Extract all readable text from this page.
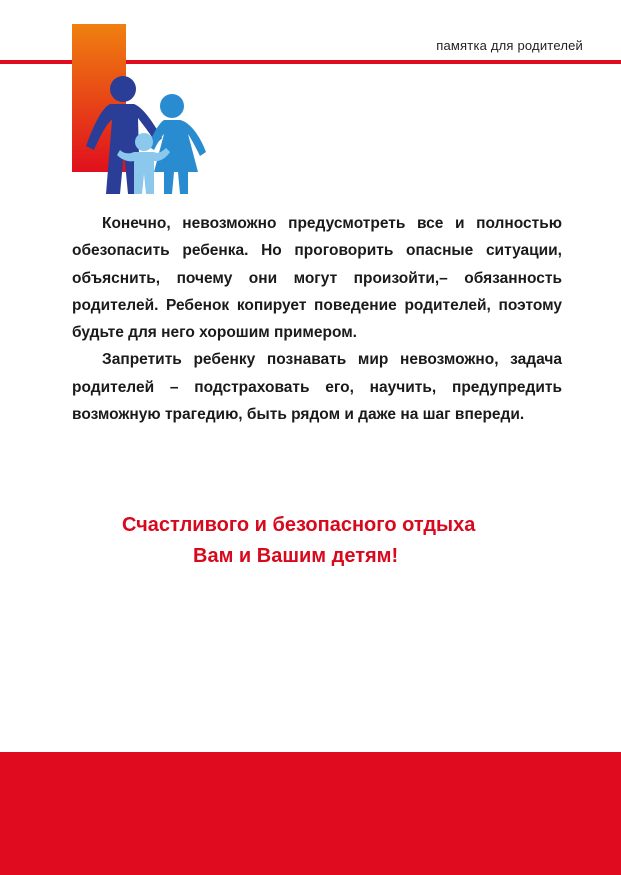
памятка для родителей

Конечно, невозможно предусмотреть все и полностью обезопасить ребенка. Но проговорить опасные ситуации, объяснить, почему они могут произойти,– обязанность родителей. Ребенок копирует поведение родителей, поэтому будьте для него хорошим примером.

Запретить ребенку познавать мир невозможно, задача родителей – подстраховать его, научить, предупредить возможную трагедию, быть рядом и даже на шаг впереди.

Счастливого и безопасного отдыха
Вам и Вашим детям!
